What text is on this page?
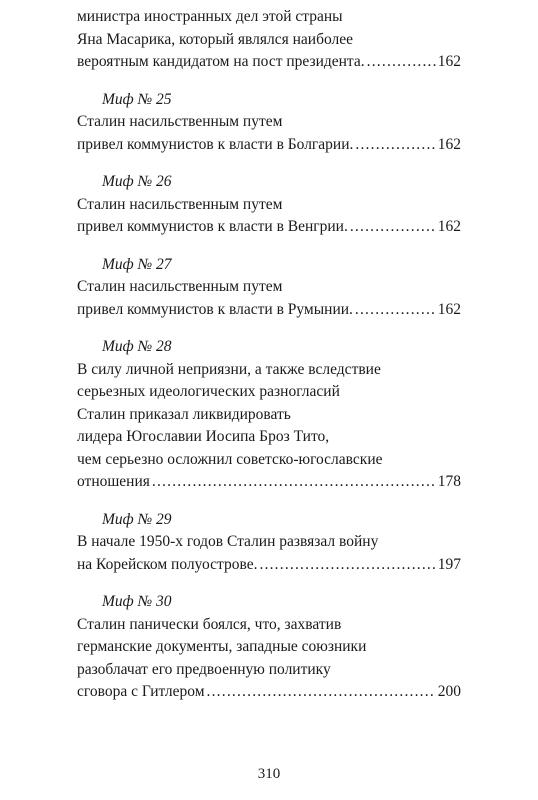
министра иностранных дел этой страны
Яна Масарика, который являлся наиболее
вероятным кандидатом на пост президента. .....	162
Миф № 25
Сталин насильственным путем
привел коммунистов к власти в Болгарии. .....	162
Миф № 26
Сталин насильственным путем
привел коммунистов к власти в Венгрии. .....	162
Миф № 27
Сталин насильственным путем
привел коммунистов к власти в Румынии. .....	162
Миф № 28
В силу личной неприязни, а также вследствие
серьезных идеологических разногласий
Сталин приказал ликвидировать
лидера Югославии Иосипа Броз Тито,
чем серьезно осложнил советско-югославские
отношения .....	178
Миф № 29
В начале 1950-х годов Сталин развязал войну
на Корейском полуострове. .....	197
Миф № 30
Сталин панически боялся, что, захватив
германские документы, западные союзники
разоблачат его предвоенную политику
сговора с Гитлером .....	200
310
